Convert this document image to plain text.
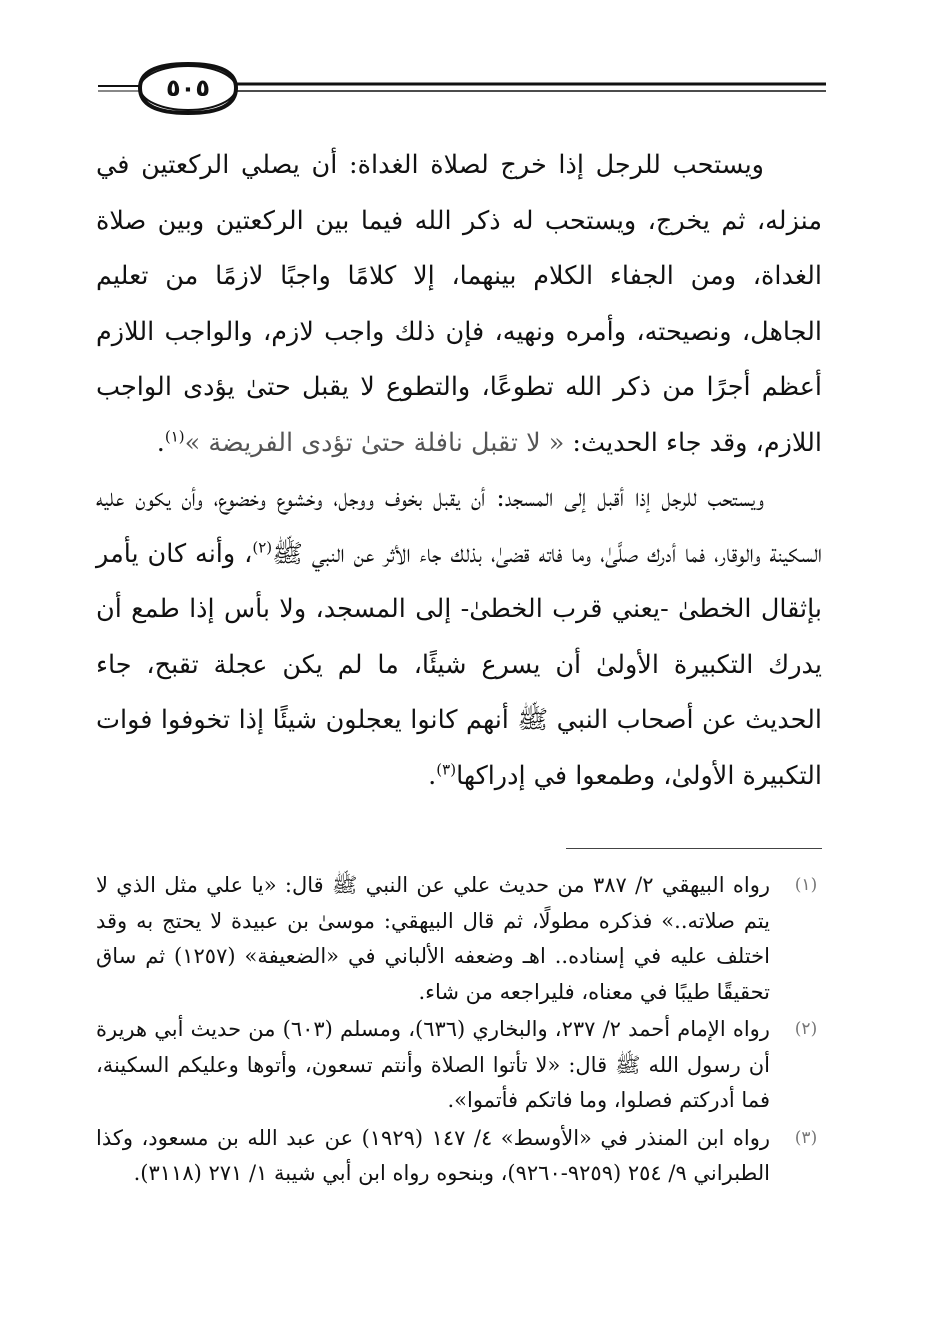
٥٠٥

ويستحب للرجل إذا خرج لصلاة الغداة: أن يصلي الركعتين في منزله، ثم يخرج، ويستحب له ذكر الله فيما بين الركعتين وبين صلاة الغداة، ومن الجفاء الكلام بينهما، إلا كلامًا واجبًا لازمًا من تعليم الجاهل، ونصيحته، وأمره ونهيه، فإن ذلك واجب لازم، والواجب اللازم أعظم أجرًا من ذكر الله تطوعًا، والتطوع لا يقبل حتىٰ يؤدى الواجب اللازم، وقد جاء الحديث: « لا تقبل نافلة حتىٰ تؤدى الفريضة »$^{(١)}$.

ويستحب للرجل إذا أقبل إلى المسجد: أن يقبل بخوف ووجل، وخشوع وخضوع، وأن يكون عليه السكينة والوقار، فما أدرك صلَّىٰ، وما فاته قضىٰ، بذلك جاء الأثر عن النبي ﷺ$^{(٢)}$، وأنه كان يأمر بإثقال الخطىٰ -يعني قرب الخطىٰ- إلى المسجد، ولا بأس إذا طمع أن يدرك التكبيرة الأولىٰ أن يسرع شيئًا، ما لم يكن عجلة تقبح، جاء الحديث عن أصحاب النبي ﷺ أنهم كانوا يعجلون شيئًا إذا تخوفوا فوات التكبيرة الأولىٰ، وطمعوا في إدراكها$^{(٣)}$.

(١)
رواه البيهقي ٢/ ٣٨٧ من حديث علي عن النبي ﷺ قال: «يا علي مثل الذي لا يتم صلاته..» فذكره مطولًا، ثم قال البيهقي: موسىٰ بن عبيدة لا يحتج به وقد اختلف عليه في إسناده.. اهـ وضعفه الألباني في «الضعيفة» (١٢٥٧) ثم ساق تحقيقًا طيبًا في معناه، فليراجعه من شاء.
(٢)
رواه الإمام أحمد ٢/ ٢٣٧، والبخاري (٦٣٦)، ومسلم (٦٠٣) من حديث أبي هريرة أن رسول الله ﷺ قال: «لا تأتوا الصلاة وأنتم تسعون، وأتوها وعليكم السكينة، فما أدركتم فصلوا، وما فاتكم فأتموا».
(٣)
رواه ابن المنذر في «الأوسط» ٤/ ١٤٧ (١٩٢٩) عن عبد الله بن مسعود، وكذا الطبراني ٩/ ٢٥٤ (٩٢٥٩-٩٢٦٠)، وبنحوه رواه ابن أبي شيبة ١/ ٢٧١ (٣١١٨).
